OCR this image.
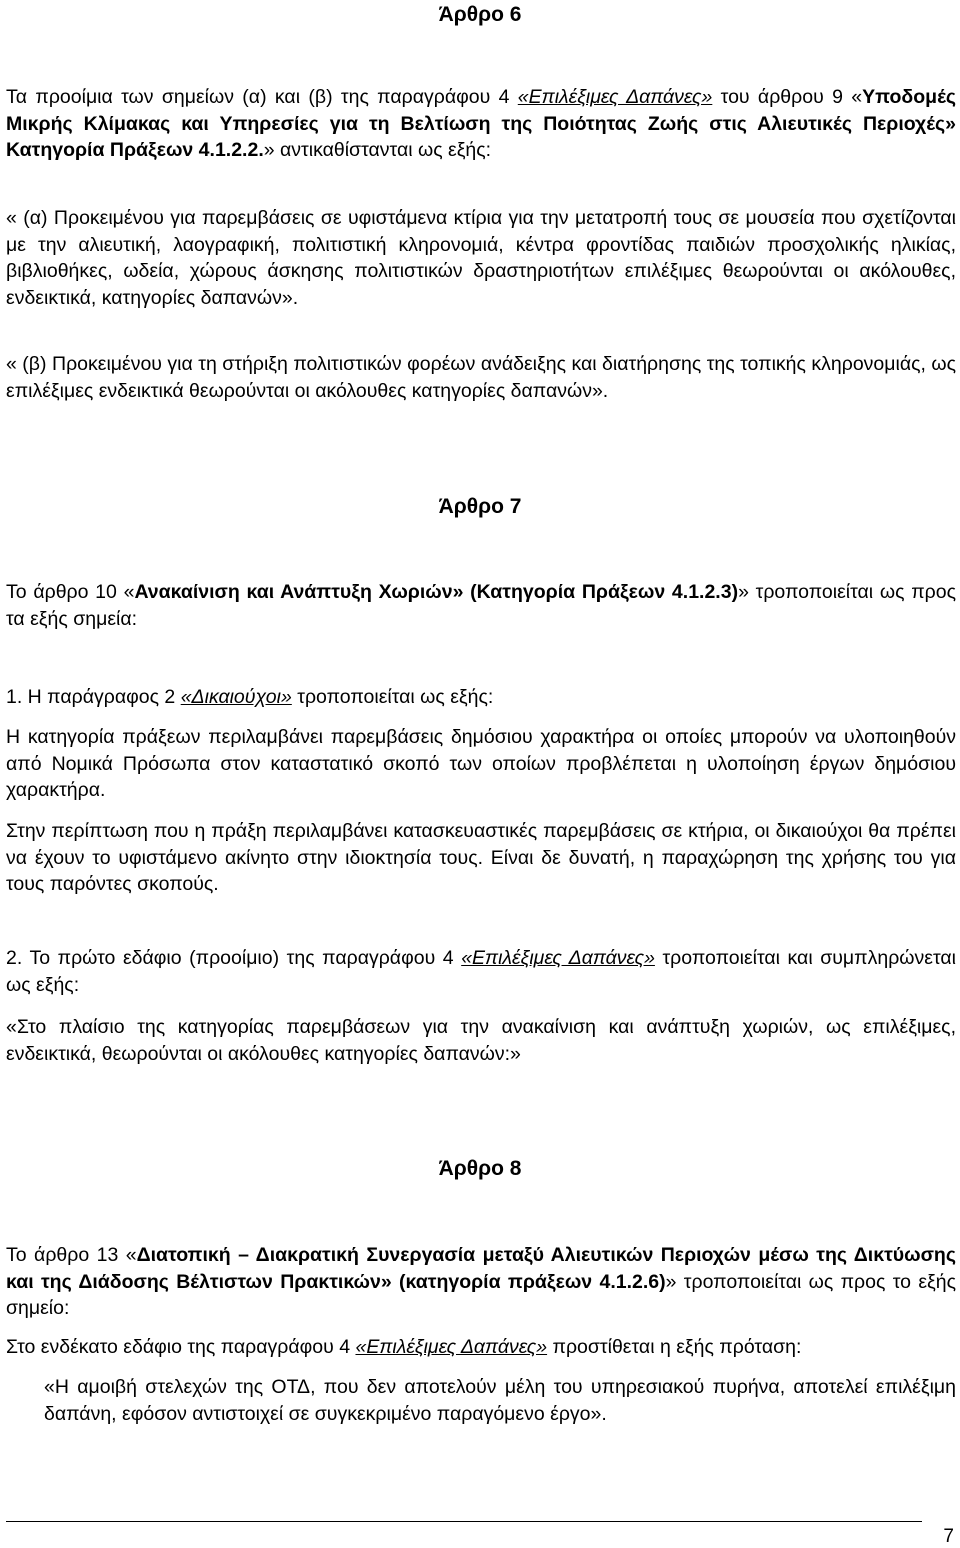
Άρθρο 6

Τα προοίμια των σημείων (α) και (β) της παραγράφου 4 «Επιλέξιμες Δαπάνες» του άρθρου 9 «Υποδομές Μικρής Κλίμακας και Υπηρεσίες για τη Βελτίωση της Ποιότητας Ζωής στις Αλιευτικές Περιοχές» Κατηγορία Πράξεων 4.1.2.2.» αντικαθίστανται ως εξής:

« (α) Προκειμένου για παρεμβάσεις σε υφιστάμενα κτίρια για την μετατροπή τους σε μουσεία που σχετίζονται με την αλιευτική, λαογραφική, πολιτιστική κληρονομιά, κέντρα φροντίδας παιδιών προσχολικής ηλικίας, βιβλιοθήκες, ωδεία, χώρους άσκησης πολιτιστικών δραστηριοτήτων επιλέξιμες θεωρούνται οι ακόλουθες, ενδεικτικά, κατηγορίες δαπανών».

« (β) Προκειμένου για τη στήριξη πολιτιστικών φορέων ανάδειξης και διατήρησης της τοπικής κληρονομιάς, ως επιλέξιμες ενδεικτικά θεωρούνται οι ακόλουθες κατηγορίες δαπανών».

Άρθρο 7

Το άρθρο 10 «Ανακαίνιση και Ανάπτυξη Χωριών» (Κατηγορία Πράξεων 4.1.2.3)» τροποποιείται ως προς τα εξής σημεία:

1. Η παράγραφος 2 «Δικαιούχοι» τροποποιείται ως εξής:

Η κατηγορία πράξεων περιλαμβάνει παρεμβάσεις δημόσιου χαρακτήρα οι οποίες μπορούν να υλοποιηθούν από Νομικά Πρόσωπα στον καταστατικό σκοπό των οποίων προβλέπεται η υλοποίηση έργων δημόσιου χαρακτήρα.

Στην περίπτωση που η πράξη περιλαμβάνει κατασκευαστικές παρεμβάσεις σε κτήρια, οι δικαιούχοι θα πρέπει να έχουν το υφιστάμενο ακίνητο στην ιδιοκτησία τους. Είναι δε δυνατή, η παραχώρηση της χρήσης του για τους παρόντες σκοπούς.

2. Το πρώτο εδάφιο (προοίμιο) της παραγράφου 4 «Επιλέξιμες Δαπάνες» τροποποιείται και συμπληρώνεται ως εξής:

«Στο πλαίσιο της κατηγορίας παρεμβάσεων για την ανακαίνιση και ανάπτυξη χωριών, ως επιλέξιμες, ενδεικτικά, θεωρούνται οι ακόλουθες κατηγορίες δαπανών:»

Άρθρο 8

Το άρθρο 13 «Διατοπική – Διακρατική Συνεργασία μεταξύ Αλιευτικών Περιοχών μέσω της Δικτύωσης και της Διάδοσης Βέλτιστων Πρακτικών» (κατηγορία πράξεων 4.1.2.6)» τροποποιείται ως προς το εξής σημείο:

Στο ενδέκατο εδάφιο της παραγράφου 4 «Επιλέξιμες Δαπάνες» προστίθεται η εξής πρόταση:

«Η αμοιβή στελεχών της ΟΤΔ, που δεν αποτελούν μέλη του υπηρεσιακού πυρήνα, αποτελεί επιλέξιμη δαπάνη, εφόσον αντιστοιχεί σε συγκεκριμένο παραγόμενο έργο».

7
